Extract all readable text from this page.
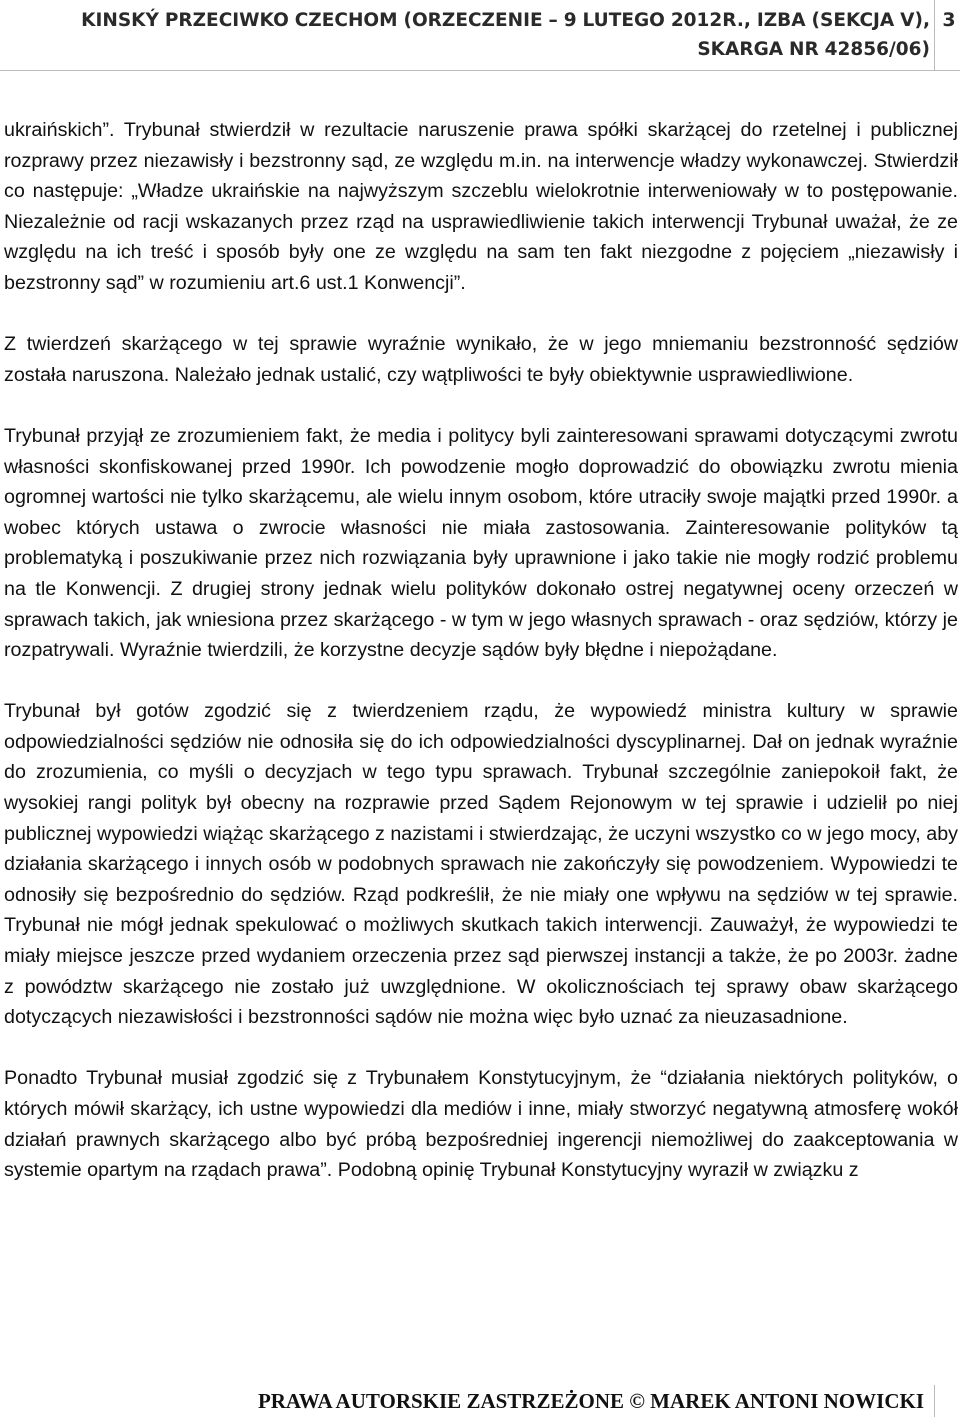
KINSKÝ PRZECIWKO CZECHOM (ORZECZENIE – 9 LUTEGO 2012R., IZBA (SEKCJA V), SKARGA NR 42856/06)
3

ukraińskich”. Trybunał stwierdził w rezultacie naruszenie prawa spółki skarżącej do rzetelnej i publicznej rozprawy przez niezawisły i bezstronny sąd, ze względu m.in. na interwencje władzy wykonawczej. Stwierdził co następuje: „Władze ukraińskie na najwyższym szczeblu wielokrotnie interweniowały w to postępowanie. Niezależnie od racji wskazanych przez rząd na usprawiedliwienie takich interwencji Trybunał uważał, że ze względu na ich treść i sposób były one ze względu na sam ten fakt niezgodne z pojęciem „niezawisły i bezstronny sąd” w rozumieniu art.6 ust.1 Konwencji”.

Z twierdzeń skarżącego w tej sprawie wyraźnie wynikało, że w jego mniemaniu bezstronność sędziów została naruszona. Należało jednak ustalić, czy wątpliwości te były obiektywnie usprawiedliwione.

Trybunał przyjął ze zrozumieniem fakt, że media i politycy byli zainteresowani sprawami dotyczącymi zwrotu własności skonfiskowanej przed 1990r. Ich powodzenie mogło doprowadzić do obowiązku zwrotu mienia ogromnej wartości nie tylko skarżącemu, ale wielu innym osobom, które utraciły swoje majątki przed 1990r. a wobec których ustawa o zwrocie własności nie miała zastosowania. Zainteresowanie polityków tą problematyką i poszukiwanie przez nich rozwiązania były uprawnione i jako takie nie mogły rodzić problemu na tle Konwencji. Z drugiej strony jednak wielu polityków dokonało ostrej negatywnej oceny orzeczeń w sprawach takich, jak wniesiona przez skarżącego - w tym w jego własnych sprawach - oraz sędziów, którzy je rozpatrywali. Wyraźnie twierdzili, że korzystne decyzje sądów były błędne i niepożądane.

Trybunał był gotów zgodzić się z twierdzeniem rządu, że wypowiedź ministra kultury w sprawie odpowiedzialności sędziów nie odnosiła się do ich odpowiedzialności dyscyplinarnej. Dał on jednak wyraźnie do zrozumienia, co myśli o decyzjach w tego typu sprawach. Trybunał szczególnie zaniepokoił fakt, że wysokiej rangi polityk był obecny na rozprawie przed Sądem Rejonowym w tej sprawie i udzielił po niej publicznej wypowiedzi wiążąc skarżącego z nazistami i stwierdzając, że uczyni wszystko co w jego mocy, aby działania skarżącego i innych osób w podobnych sprawach nie zakończyły się powodzeniem. Wypowiedzi te odnosiły się bezpośrednio do sędziów. Rząd podkreślił, że nie miały one wpływu na sędziów w tej sprawie. Trybunał nie mógł jednak spekulować o możliwych skutkach takich interwencji. Zauważył, że wypowiedzi te miały miejsce jeszcze przed wydaniem orzeczenia przez sąd pierwszej instancji a także, że po 2003r. żadne z powództw skarżącego nie zostało już uwzględnione. W okolicznościach tej sprawy obaw skarżącego dotyczących niezawisłości i bezstronności sądów nie można więc było uznać za nieuzasadnione.

Ponadto Trybunał musiał zgodzić się z Trybunałem Konstytucyjnym, że “działania niektórych polityków, o których mówił skarżący, ich ustne wypowiedzi dla mediów i inne, miały stworzyć negatywną atmosferę wokół działań prawnych skarżącego albo być próbą bezpośredniej ingerencji niemożliwej do zaakceptowania w systemie opartym na rządach prawa”. Podobną opinię Trybunał Konstytucyjny wyraził w związku z

PRAWA AUTORSKIE ZASTRZEŻONE © MAREK ANTONI NOWICKI
